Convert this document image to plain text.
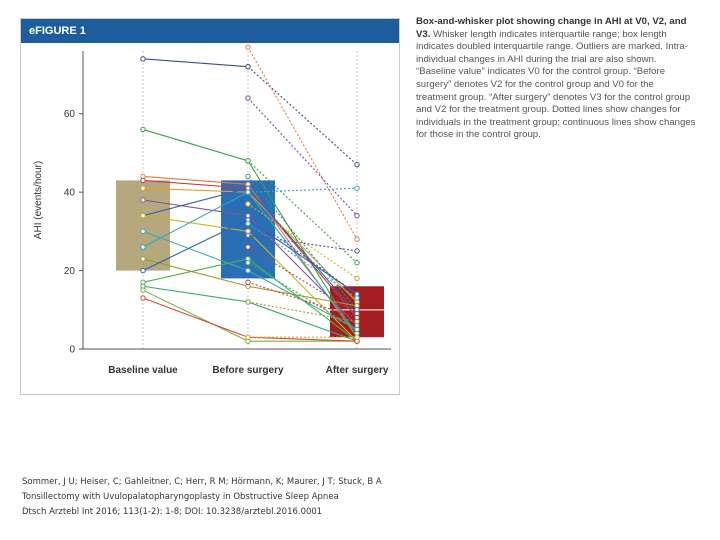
eFIGURE 1
0
20
40
60
AHI (events/hour)
Baseline value	Before surgery	After surgery
Box-and-whisker plot showing change in AHI at V0, V2, and V3. Whisker length indicates interquartile range; box length indicates doubled interquartile range. Outliers are marked. Intra-individual changes in AHI during the trial are also shown. “Baseline value” indicates V0 for the control group. “Before surgery” denotes V2 for the control group and V0 for the treatment group. “After surgery” denotes V3 for the control group and V2 for the treatment group. Dotted lines show changes for individuals in the treatment group; continuous lines show changes for those in the control group.
Sommer, J U; Heiser, C; Gahleitner, C; Herr, R M; Hörmann, K; Maurer, J T; Stuck, B A
Tonsillectomy with Uvulopalatopharyngoplasty in Obstructive Sleep Apnea
Dtsch Arztebl Int 2016; 113(1-2): 1-8; DOI: 10.3238/arztebl.2016.0001
